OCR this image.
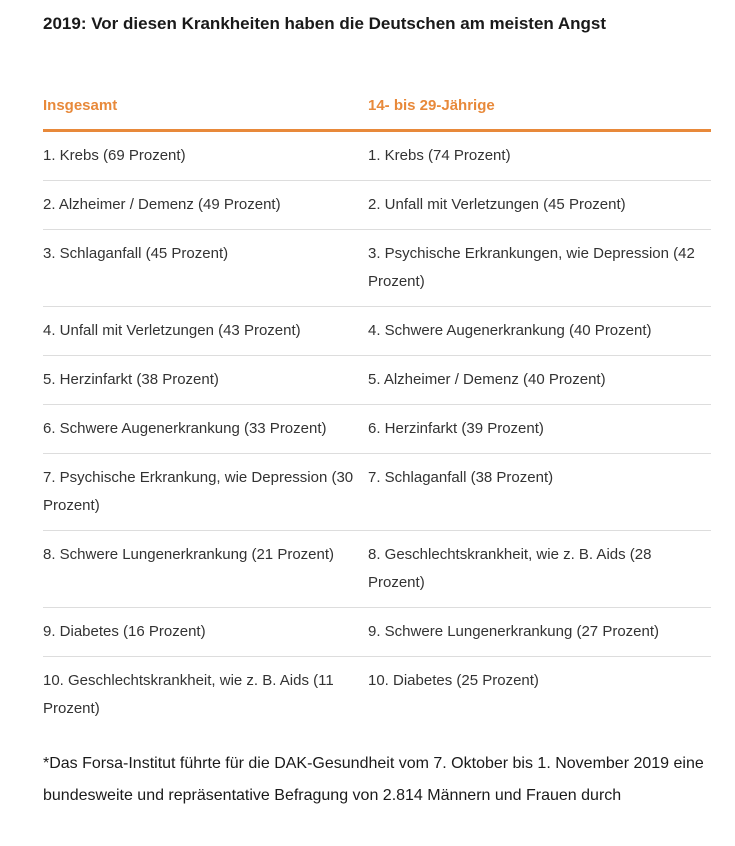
2019: Vor diesen Krankheiten haben die Deutschen am meisten Angst
Insgesamt	14- bis 29-Jährige
1. Krebs (69 Prozent)	1. Krebs (74 Prozent)
2. Alzheimer / Demenz (49 Prozent)	2. Unfall mit Verletzungen (45 Prozent)
3. Schlaganfall (45 Prozent)	3. Psychische Erkrankungen, wie Depression (42 Prozent)
4. Unfall mit Verletzungen (43 Prozent)	4. Schwere Augenerkrankung (40 Prozent)
5. Herzinfarkt (38 Prozent)	5. Alzheimer / Demenz (40 Prozent)
6. Schwere Augenerkrankung (33 Prozent)	6. Herzinfarkt (39 Prozent)
7. Psychische Erkrankung, wie Depression (30 Prozent)	7. Schlaganfall (38 Prozent)
8. Schwere Lungenerkrankung (21 Prozent)	8. Geschlechtskrankheit, wie z. B. Aids (28 Prozent)
9. Diabetes (16 Prozent)	9. Schwere Lungenerkrankung (27 Prozent)
10. Geschlechtskrankheit, wie z. B. Aids (11 Prozent)	10. Diabetes (25 Prozent)
*Das Forsa-Institut führte für die DAK-Gesundheit vom 7. Oktober bis 1. November 2019 eine bundesweite und repräsentative Befragung von 2.814 Männern und Frauen durch
